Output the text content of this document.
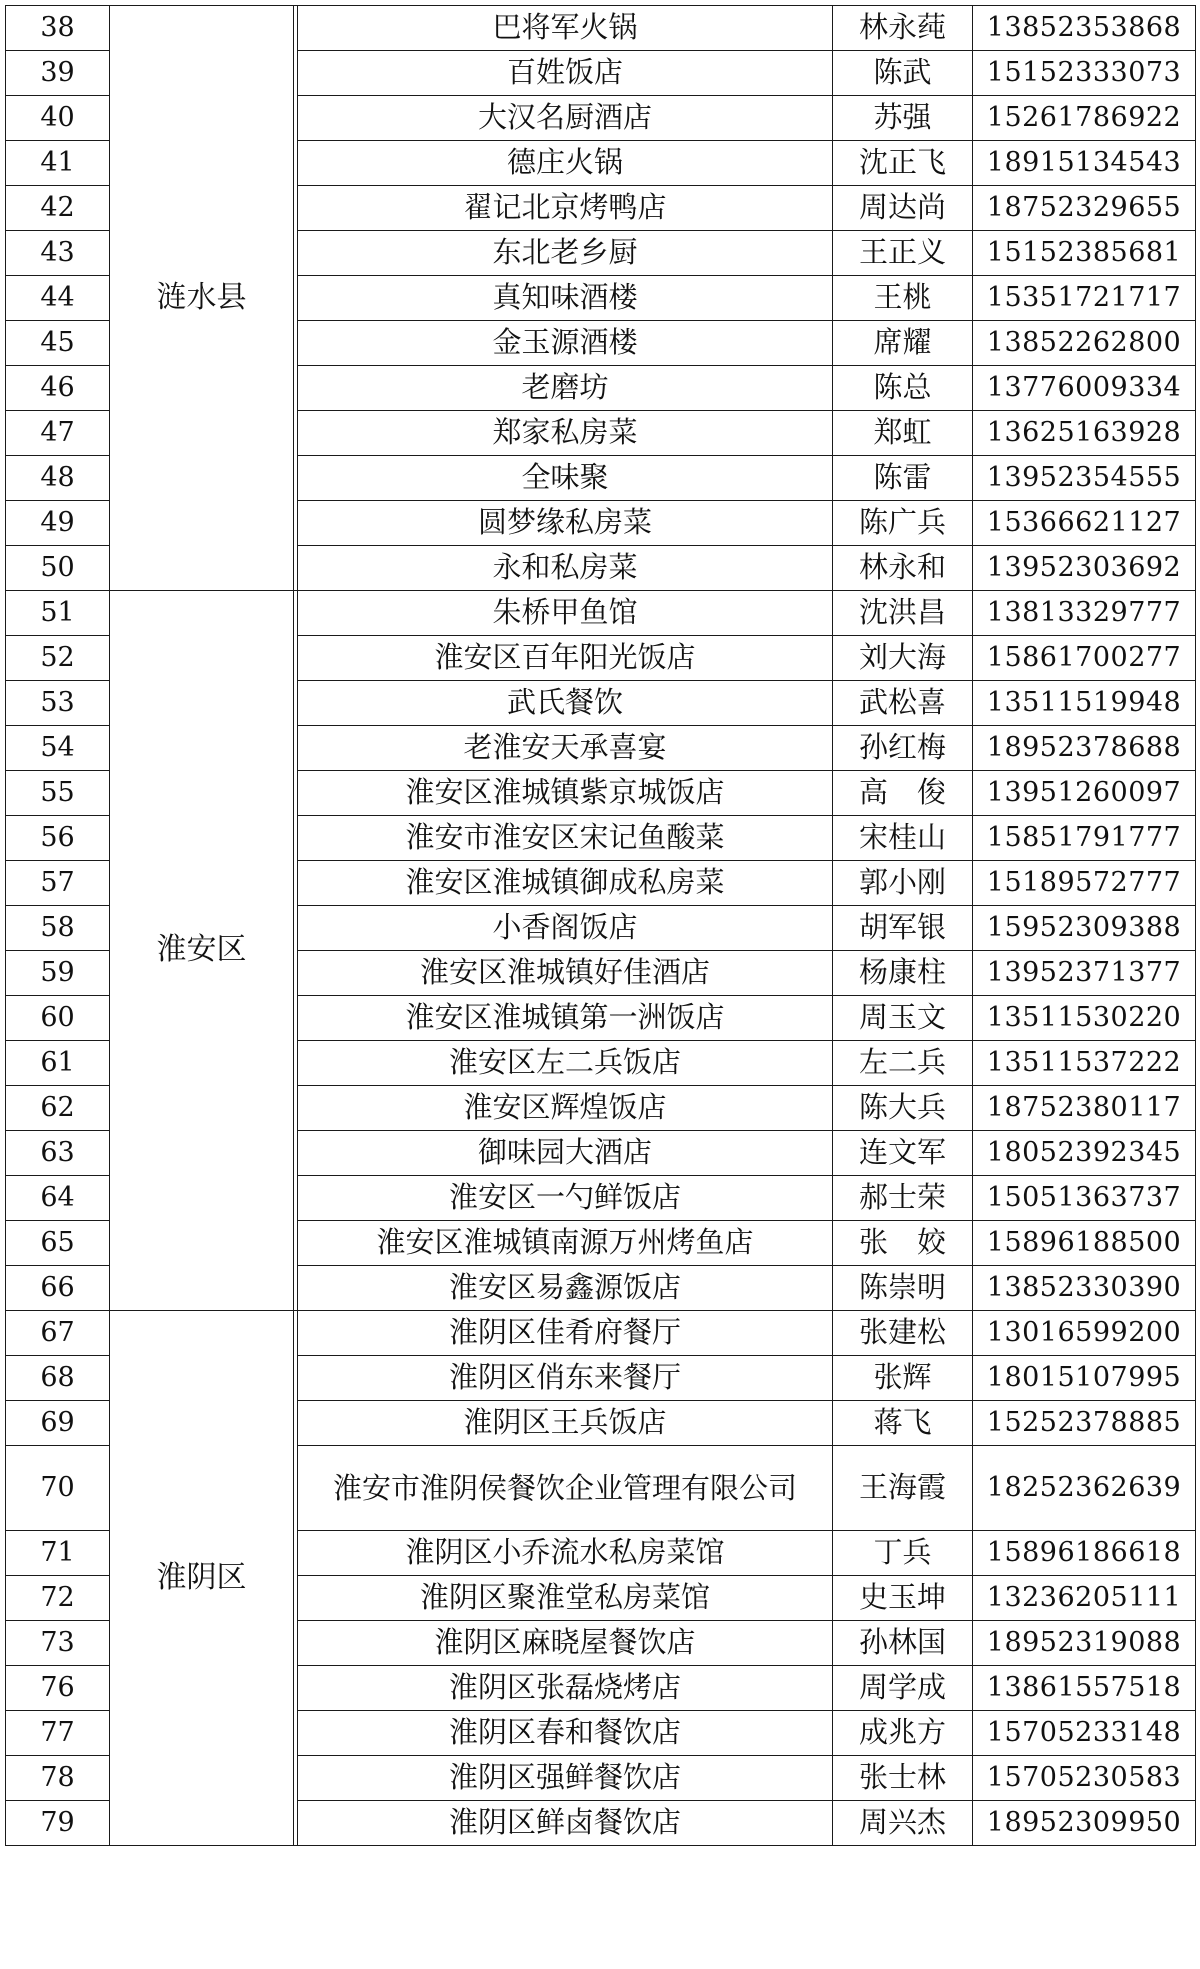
38	涟水县		巴将军火锅	林永莼	13852353868
39			百姓饭店	陈武	15152333073
40			大汉名厨酒店	苏强	15261786922
41			德庄火锅	沈正飞	18915134543
42			翟记北京烤鸭店	周达尚	18752329655
43			东北老乡厨	王正义	15152385681
44			真知味酒楼	王桃	15351721717
45			金玉源酒楼	席耀	13852262800
46			老磨坊	陈总	13776009334
47			郑家私房菜	郑虹	13625163928
48			全味聚	陈雷	13952354555
49			圆梦缘私房菜	陈广兵	15366621127
50			永和私房菜	林永和	13952303692
51	淮安区		朱桥甲鱼馆	沈洪昌	13813329777
52			淮安区百年阳光饭店	刘大海	15861700277
53			武氏餐饮	武松喜	13511519948
54			老淮安天承喜宴	孙红梅	18952378688
55			淮安区淮城镇紫京城饭店	高　俊	13951260097
56			淮安市淮安区宋记鱼酸菜	宋桂山	15851791777
57			淮安区淮城镇御成私房菜	郭小刚	15189572777
58			小香阁饭店	胡军银	15952309388
59			淮安区淮城镇好佳酒店	杨康柱	13952371377
60			淮安区淮城镇第一洲饭店	周玉文	13511530220
61			淮安区左二兵饭店	左二兵	13511537222
62			淮安区辉煌饭店	陈大兵	18752380117
63			御味园大酒店	连文军	18052392345
64			淮安区一勺鲜饭店	郝士荣	15051363737
65			淮安区淮城镇南源万州烤鱼店	张　姣	15896188500
66			淮安区易鑫源饭店	陈崇明	13852330390
67	淮阴区		淮阴区佳肴府餐厅	张建松	13016599200
68			淮阴区俏东来餐厅	张辉	18015107995
69			淮阴区王兵饭店	蒋飞	15252378885
70			淮安市淮阴侯餐饮企业管理有限公司	王海霞	18252362639
71			淮阴区小乔流水私房菜馆	丁兵	15896186618
72			淮阴区聚淮堂私房菜馆	史玉坤	13236205111
73			淮阴区麻晓屋餐饮店	孙林国	18952319088
76			淮阴区张磊烧烤店	周学成	13861557518
77			淮阴区春和餐饮店	成兆方	15705233148
78			淮阴区强鲜餐饮店	张士林	15705230583
79			淮阴区鲜卤餐饮店	周兴杰	18952309950
